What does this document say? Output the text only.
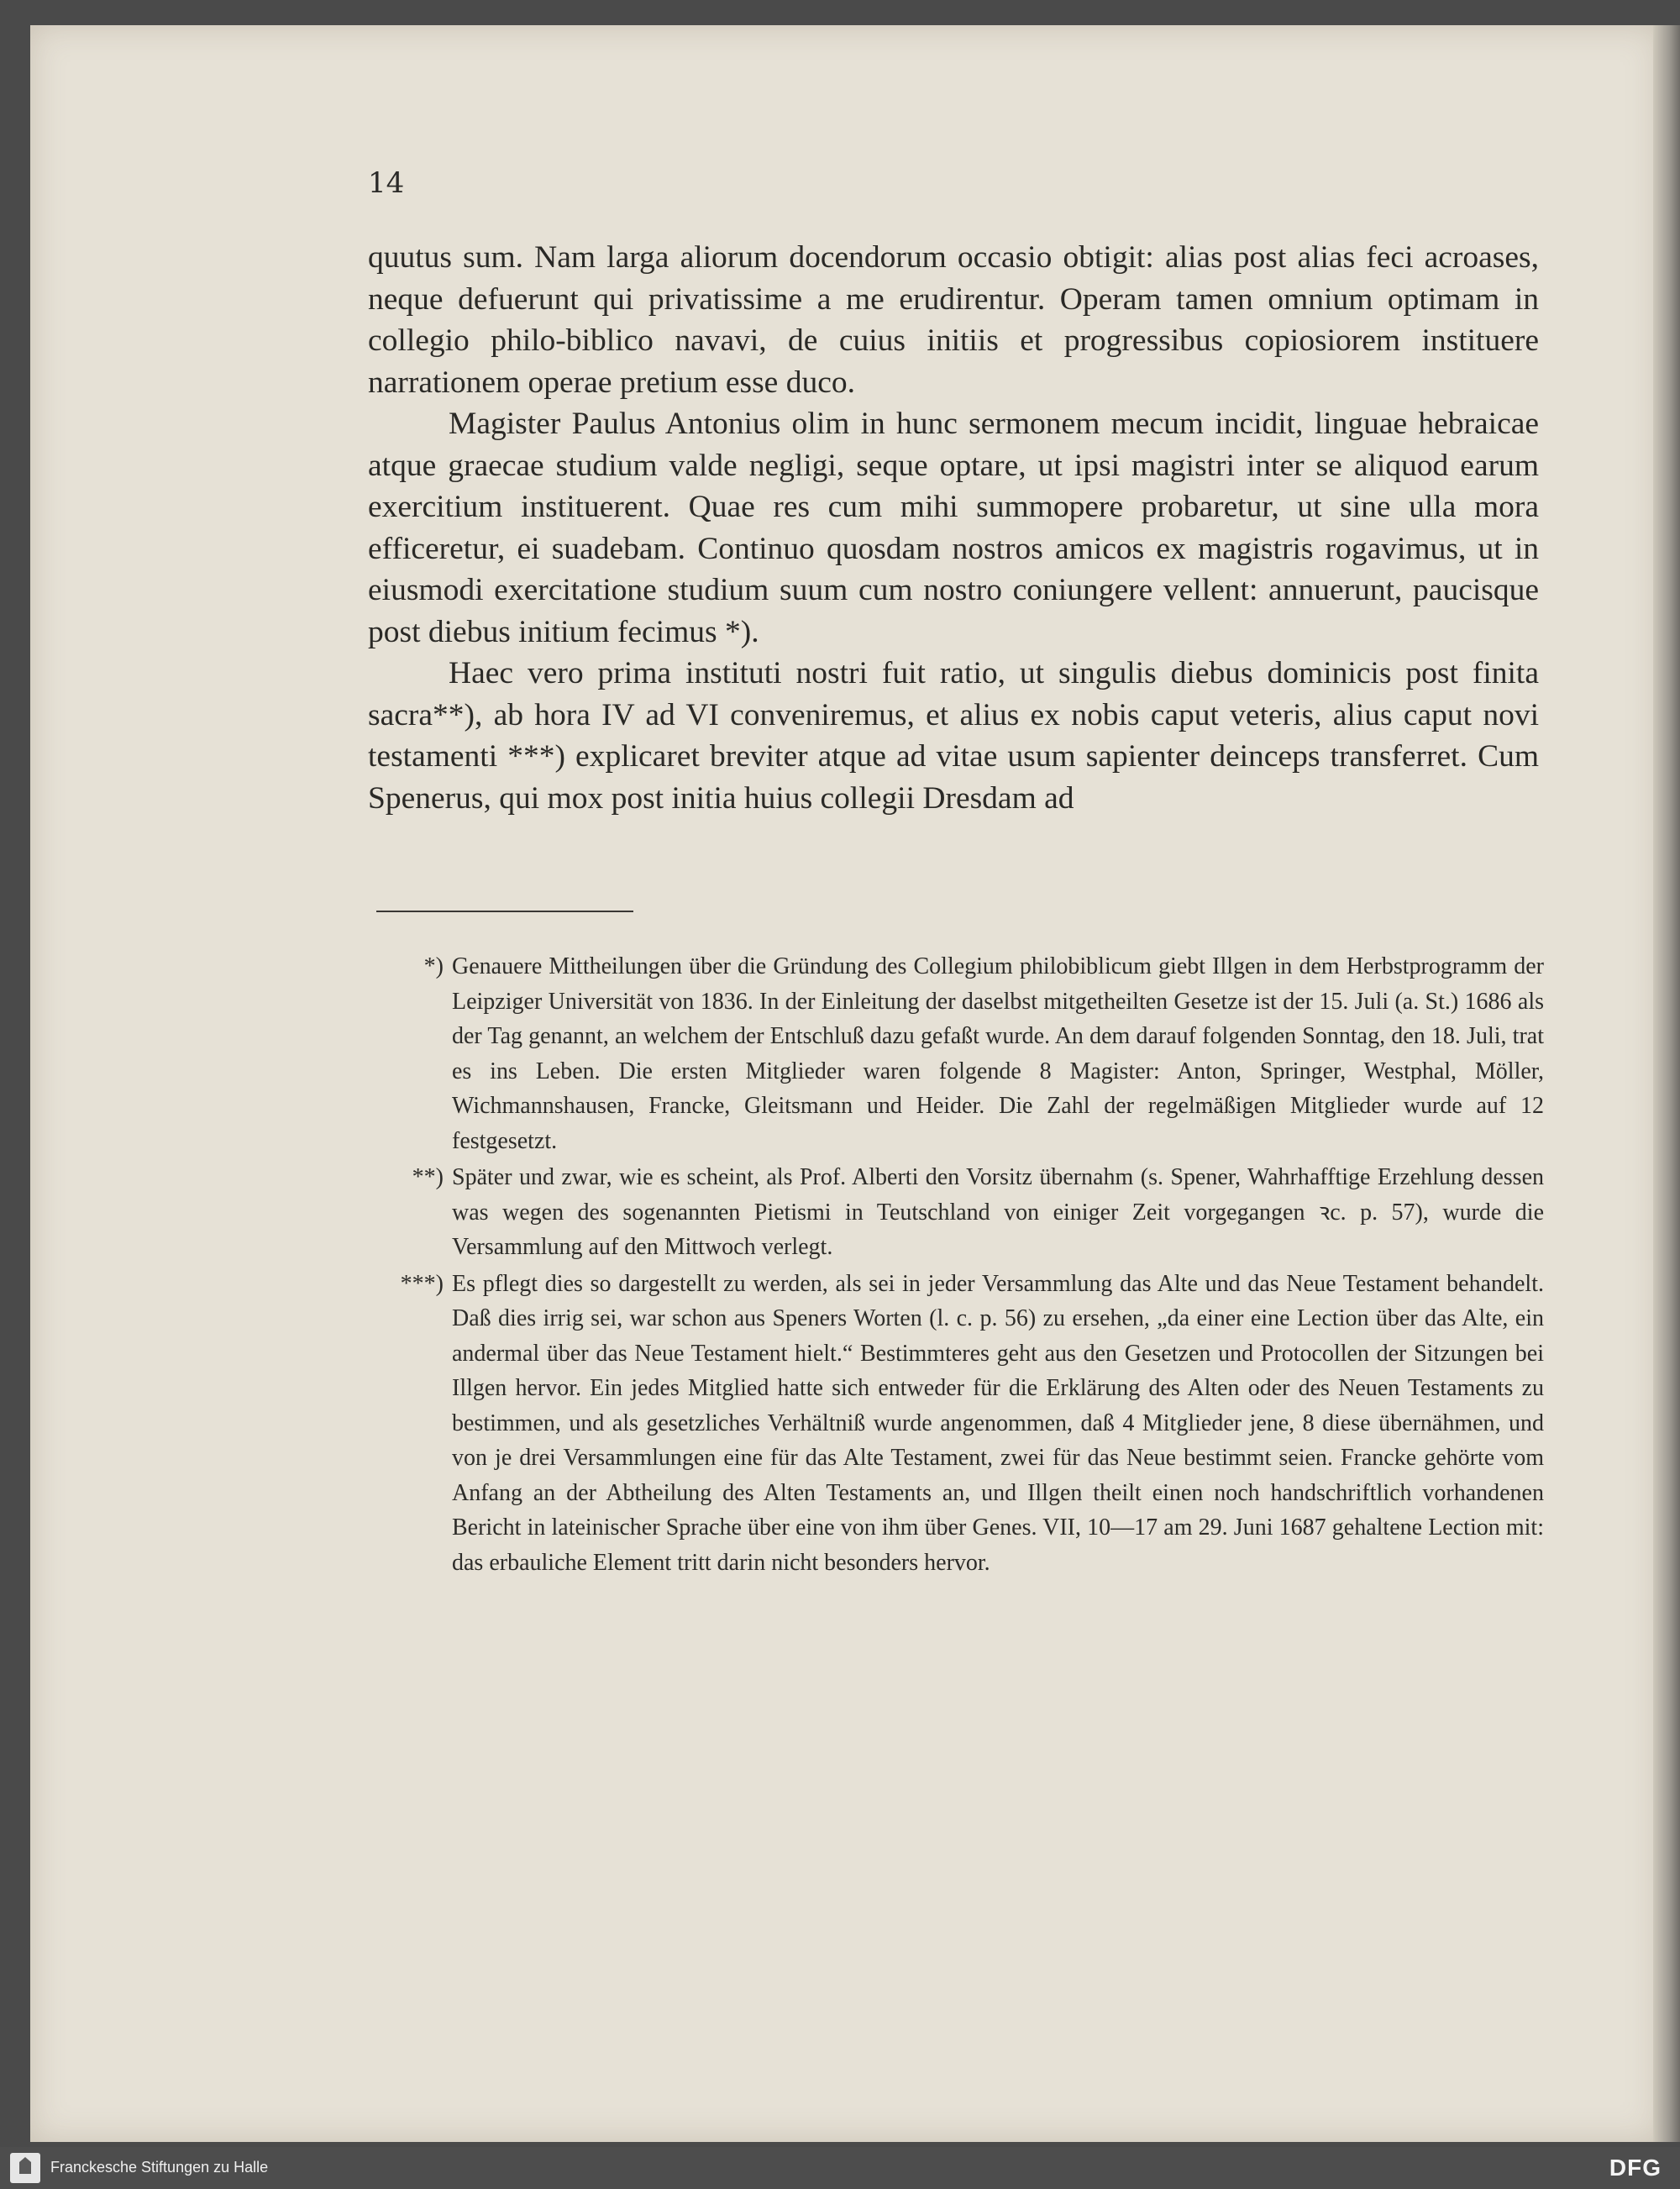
14

quutus sum. Nam larga aliorum docendorum occasio obtigit: alias post alias feci acroases, neque defuerunt qui privatissime a me erudirentur. Operam tamen omnium optimam in collegio philo-biblico navavi, de cuius initiis et progressibus copiosiorem instituere narrationem operae pretium esse duco.

Magister Paulus Antonius olim in hunc sermonem mecum incidit, linguae hebraicae atque graecae studium valde negligi, seque optare, ut ipsi magistri inter se aliquod earum exercitium instituerent. Quae res cum mihi summopere probaretur, ut sine ulla mora efficeretur, ei suadebam. Continuo quosdam nostros amicos ex magistris rogavimus, ut in eiusmodi exercitatione studium suum cum nostro coniungere vellent: annuerunt, paucisque post diebus initium fecimus *).

Haec vero prima instituti nostri fuit ratio, ut singulis diebus dominicis post finita sacra**), ab hora IV ad VI conveniremus, et alius ex nobis caput veteris, alius caput novi testamenti ***) explicaret breviter atque ad vitae usum sapienter deinceps transferret. Cum Spenerus, qui mox post initia huius collegii Dresdam ad

*) Genauere Mittheilungen über die Gründung des Collegium philobiblicum giebt Illgen in dem Herbstprogramm der Leipziger Universität von 1836. In der Einleitung der daselbst mitgetheilten Gesetze ist der 15. Juli (a. St.) 1686 als der Tag genannt, an welchem der Entschluß dazu gefaßt wurde. An dem darauf folgenden Sonntag, den 18. Juli, trat es ins Leben. Die ersten Mitglieder waren folgende 8 Magister: Anton, Springer, Westphal, Möller, Wichmannshausen, Francke, Gleitsmann und Heider. Die Zahl der regelmäßigen Mitglieder wurde auf 12 festgesetzt.
**) Später und zwar, wie es scheint, als Prof. Alberti den Vorsitz übernahm (s. Spener, Wahrhafftige Erzehlung dessen was wegen des sogenannten Pietismi in Teutschland von einiger Zeit vorgegangen ꝛc. p. 57), wurde die Versammlung auf den Mittwoch verlegt.
***) Es pflegt dies so dargestellt zu werden, als sei in jeder Versammlung das Alte und das Neue Testament behandelt. Daß dies irrig sei, war schon aus Speners Worten (l. c. p. 56) zu ersehen, „da einer eine Lection über das Alte, ein andermal über das Neue Testament hielt.“ Bestimmteres geht aus den Gesetzen und Protocollen der Sitzungen bei Illgen hervor. Ein jedes Mitglied hatte sich entweder für die Erklärung des Alten oder des Neuen Testaments zu bestimmen, und als gesetzliches Verhältniß wurde angenommen, daß 4 Mitglieder jene, 8 diese übernähmen, und von je drei Versammlungen eine für das Alte Testament, zwei für das Neue bestimmt seien. Francke gehörte vom Anfang an der Abtheilung des Alten Testaments an, und Illgen theilt einen noch handschriftlich vorhandenen Bericht in lateinischer Sprache über eine von ihm über Genes. VII, 10—17 am 29. Juni 1687 gehaltene Lection mit: das erbauliche Element tritt darin nicht besonders hervor.
Franckesche Stiftungen zu Halle	DFG
